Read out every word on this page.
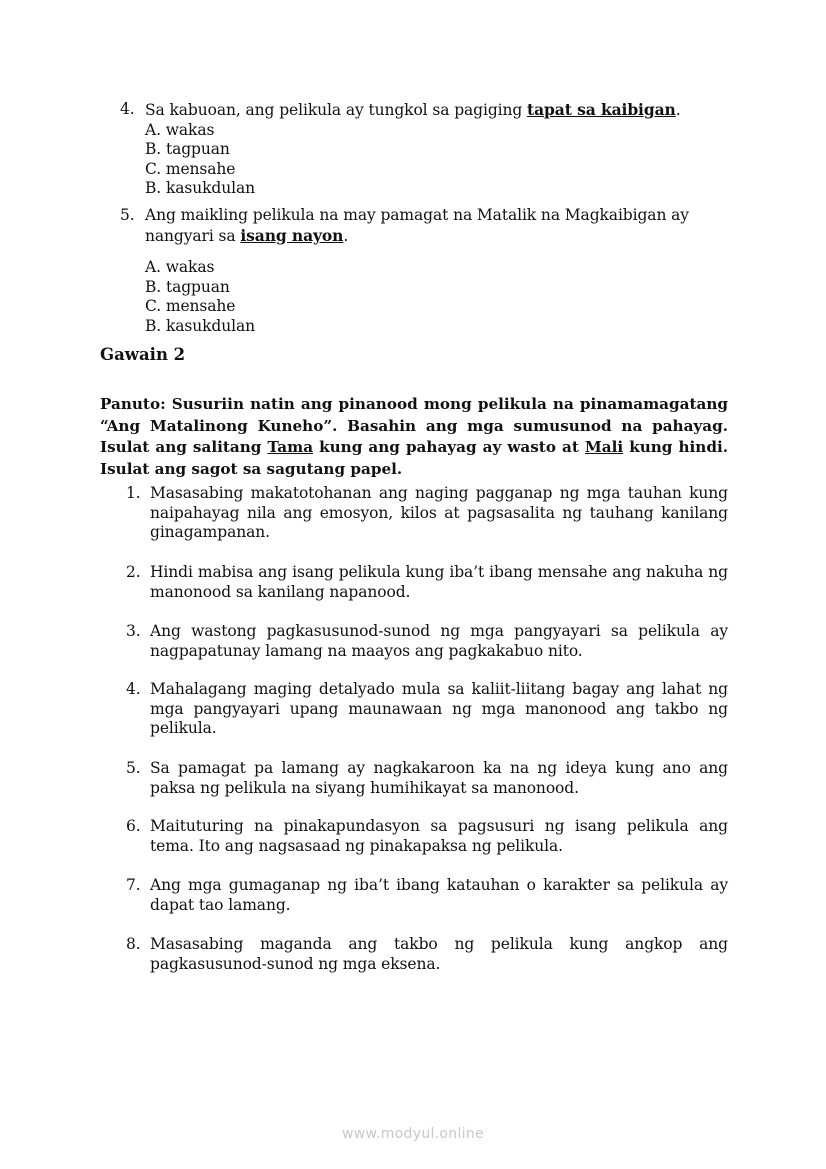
4. Sa kabuoan, ang pelikula ay tungkol sa pagiging tapat sa kaibigan.
A. wakas
B. tagpuan
C. mensahe
B. kasukdulan
5. Ang maikling pelikula na may pamagat na Matalik na Magkaibigan ay nangyari sa isang nayon.
A. wakas
B. tagpuan
C. mensahe
B. kasukdulan
Gawain 2
Panuto: Susuriin natin ang pinanood mong pelikula na pinamamagatang “Ang Matalinong Kuneho”. Basahin ang mga sumusunod na pahayag. Isulat ang salitang Tama kung ang pahayag ay wasto at Mali kung hindi. Isulat ang sagot sa sagutang papel.
1. Masasabing makatotohanan ang naging pagganap ng mga tauhan kung naipahayag nila ang emosyon, kilos at pagsasalita ng tauhang kanilang ginagampanan.
2. Hindi mabisa ang isang pelikula kung iba’t ibang mensahe ang nakuha ng manonood sa kanilang napanood.
3. Ang wastong pagkasusunod-sunod ng mga pangyayari sa pelikula ay nagpapatunay lamang na maayos ang pagkakabuo nito.
4. Mahalagang maging detalyado mula sa kaliit-liitang bagay ang lahat ng mga pangyayari upang maunawaan ng mga manonood ang takbo ng pelikula.
5. Sa pamagat pa lamang ay nagkakaroon ka na ng ideya kung ano ang paksa ng pelikula na siyang humihikayat sa manonood.
6. Maituturing na pinakapundasyon sa pagsusuri ng isang pelikula ang tema. Ito ang nagsasaad ng pinakapaksa ng pelikula.
7. Ang mga gumaganap ng iba’t ibang katauhan o karakter sa pelikula ay dapat tao lamang.
8. Masasabing maganda ang takbo ng pelikula kung angkop ang pagkasusunod-sunod ng mga eksena.
www.modyul.online
